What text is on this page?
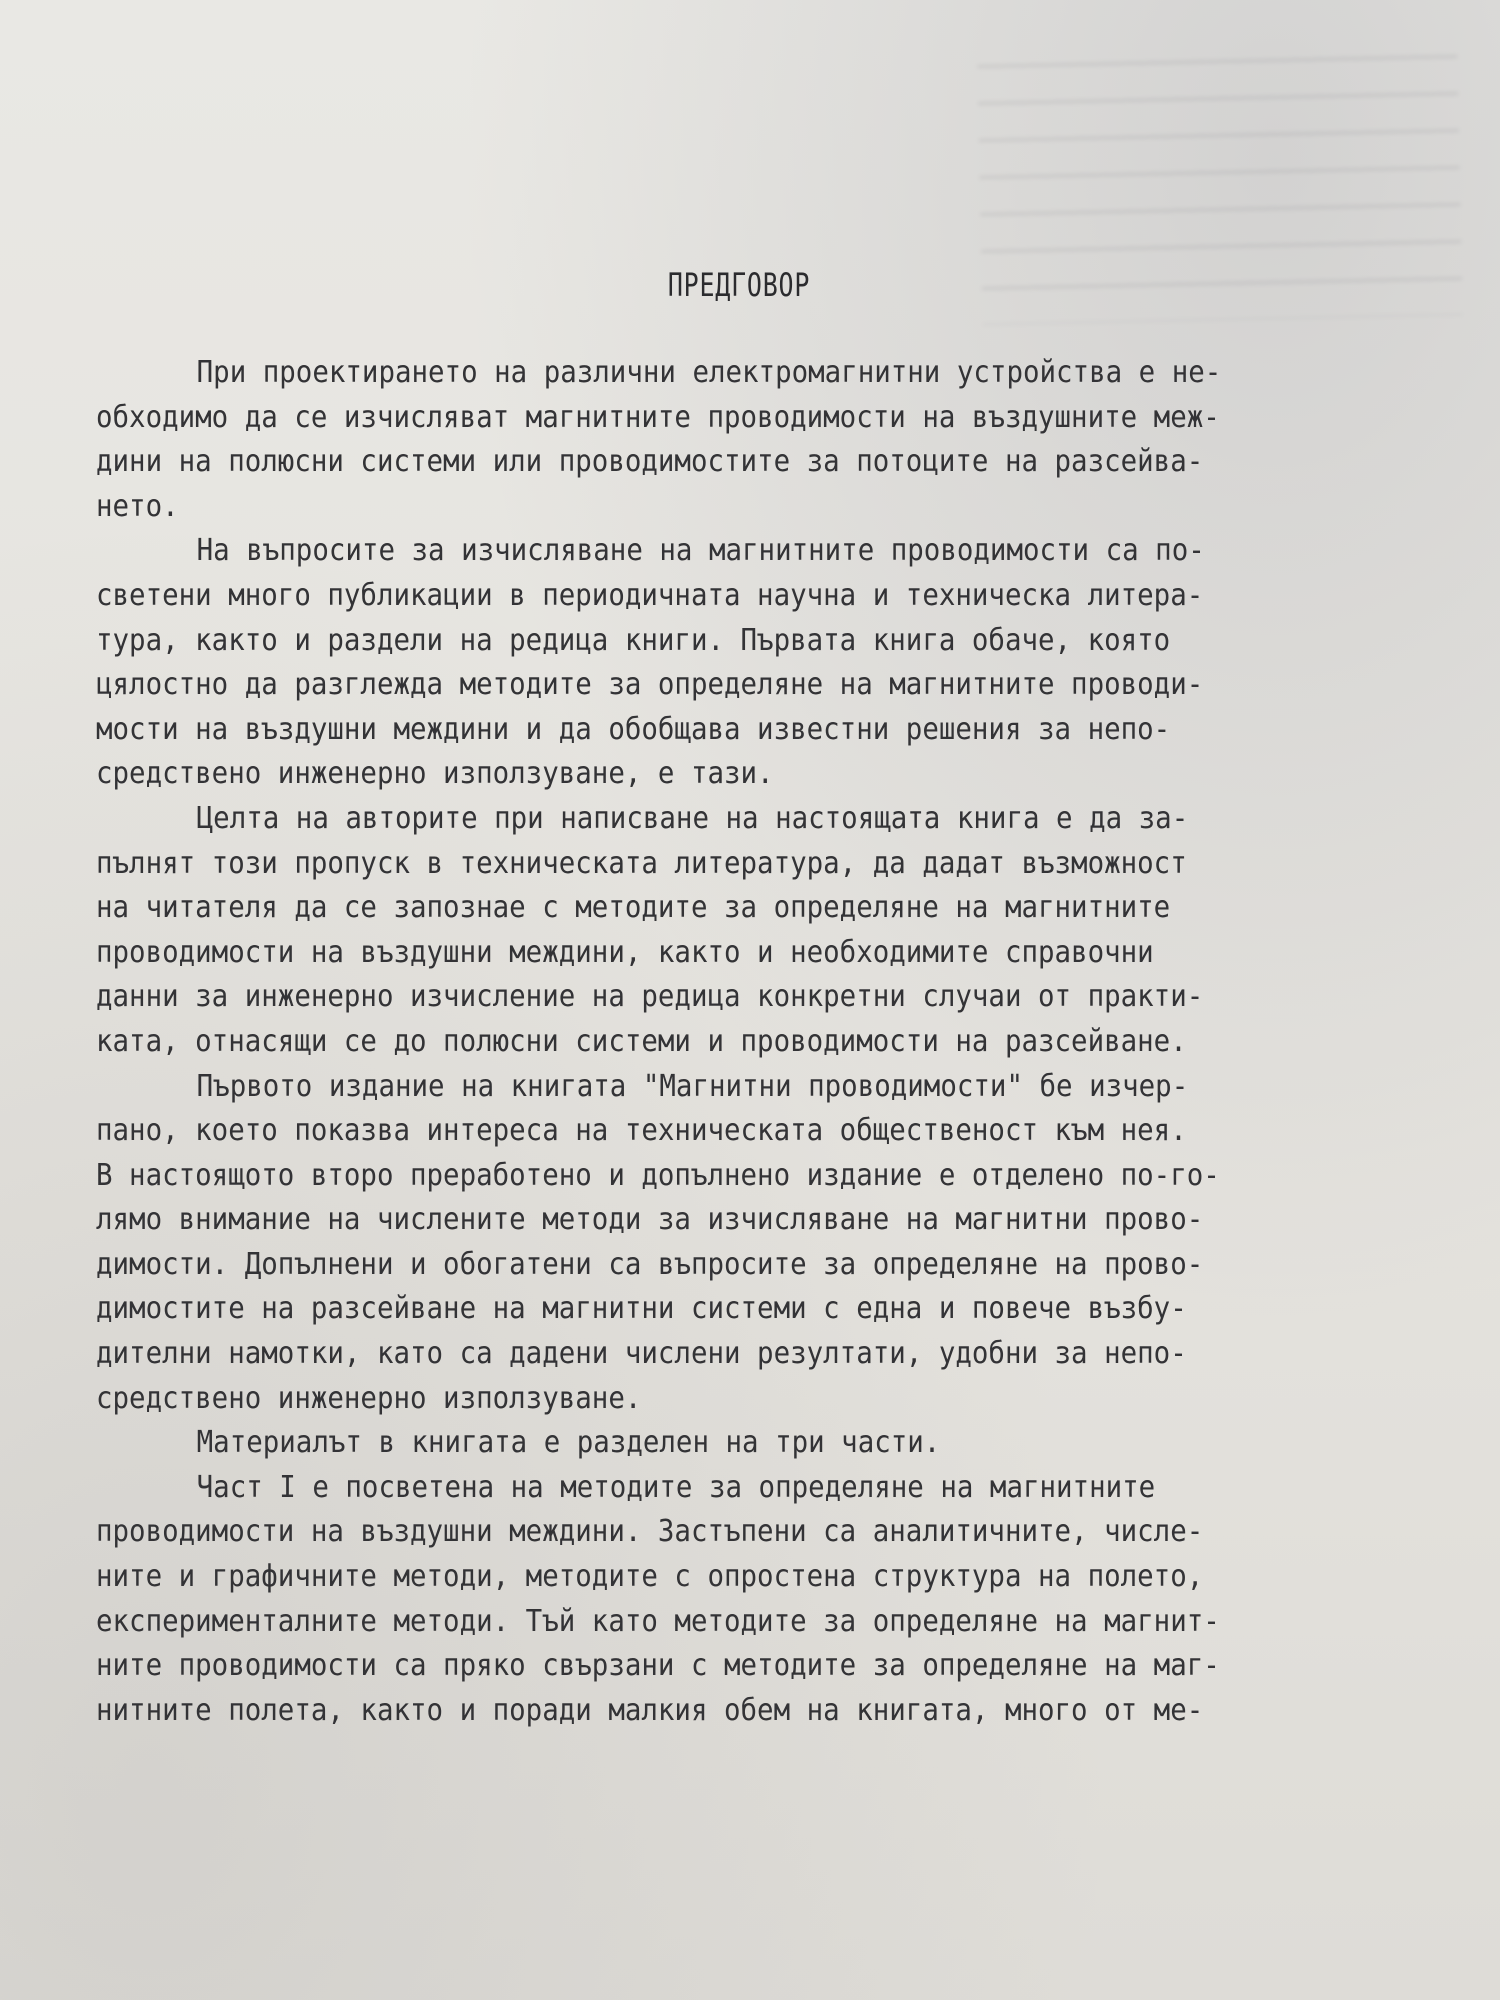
ПРЕДГОВОР
При проектирането на различни електромагнитни устройства е не-
обходимо да се изчисляват магнитните проводимости на въздушните меж-
дини на полюсни системи или проводимостите за потоците на разсейва-
нето.
На въпросите за изчисляване на магнитните проводимости са по-
светени много публикации в периодичната научна и техническа литера-
тура, както и раздели на редица книги. Първата книга обаче, която
цялостно да разглежда методите за определяне на магнитните проводи-
мости на въздушни междини и да обобщава известни решения за непо-
средствено инженерно използуване, е тази.
Целта на авторите при написване на настоящата книга е да за-
пълнят този пропуск в техническата литература, да дадат възможност
на читателя да се запознае с методите за определяне на магнитните
проводимости на въздушни междини, както и необходимите справочни
данни за инженерно изчисление на редица конкретни случаи от практи-
ката, отнасящи се до полюсни системи и проводимости на разсейване.
Първото издание на книгата "Магнитни проводимости" бе изчер-
пано, което показва интереса на техническата общественост към нея.
В настоящото второ преработено и допълнено издание е отделено по-го-
лямо внимание на числените методи за изчисляване на магнитни прово-
димости. Допълнени и обогатени са въпросите за определяне на прово-
димостите на разсейване на магнитни системи с една и повече възбу-
дителни намотки, като са дадени числени резултати, удобни за непо-
средствено инженерно използуване.
Материалът в книгата е разделен на три части.
Част I е посветена на методите за определяне на магнитните
проводимости на въздушни междини. Застъпени са аналитичните, числе-
ните и графичните методи, методите с опростена структура на полето,
експерименталните методи. Тъй като методите за определяне на магнит-
ните проводимости са пряко свързани с методите за определяне на маг-
нитните полета, както и поради малкия обем на книгата, много от ме-
